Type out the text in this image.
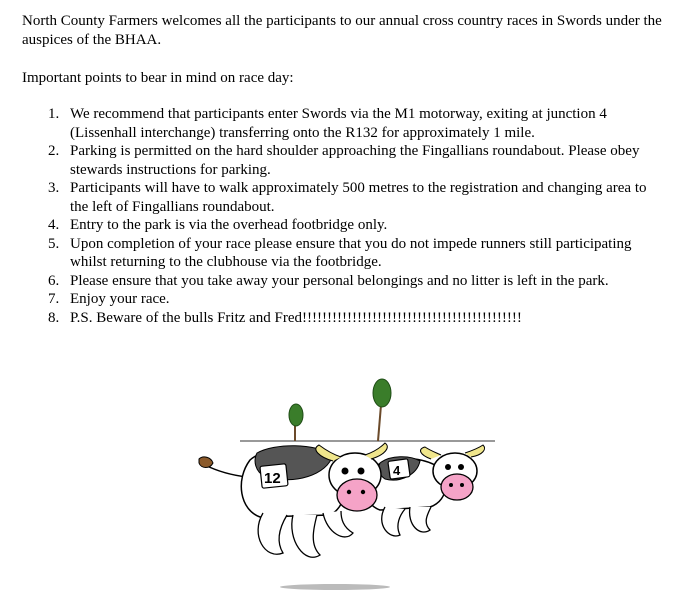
North County Farmers welcomes all the participants to our annual cross country races in Swords under the auspices of the BHAA.

Important points to bear in mind on race day:

1. We recommend that participants enter Swords via the M1 motorway, exiting at junction 4 (Lissenhall interchange) transferring onto the R132 for approximately 1 mile.
2. Parking is permitted on the hard shoulder approaching the Fingallians roundabout. Please obey stewards instructions for parking.
3. Participants will have to walk approximately 500 metres to the registration and changing area to the left of Fingallians roundabout.
4. Entry to the park is via the overhead footbridge only.
5. Upon completion of your race please ensure that you do not impede runners still participating whilst returning to the clubhouse via the footbridge.
6. Please ensure that you take away your personal belongings and no litter is left in the park.
7. Enjoy your race.
8. P.S. Beware of the bulls Fritz and Fred!!!!!!!!!!!!!!!!!!!!!!!!!!!!!!!!!!!!!!!!!!!!
4
12
